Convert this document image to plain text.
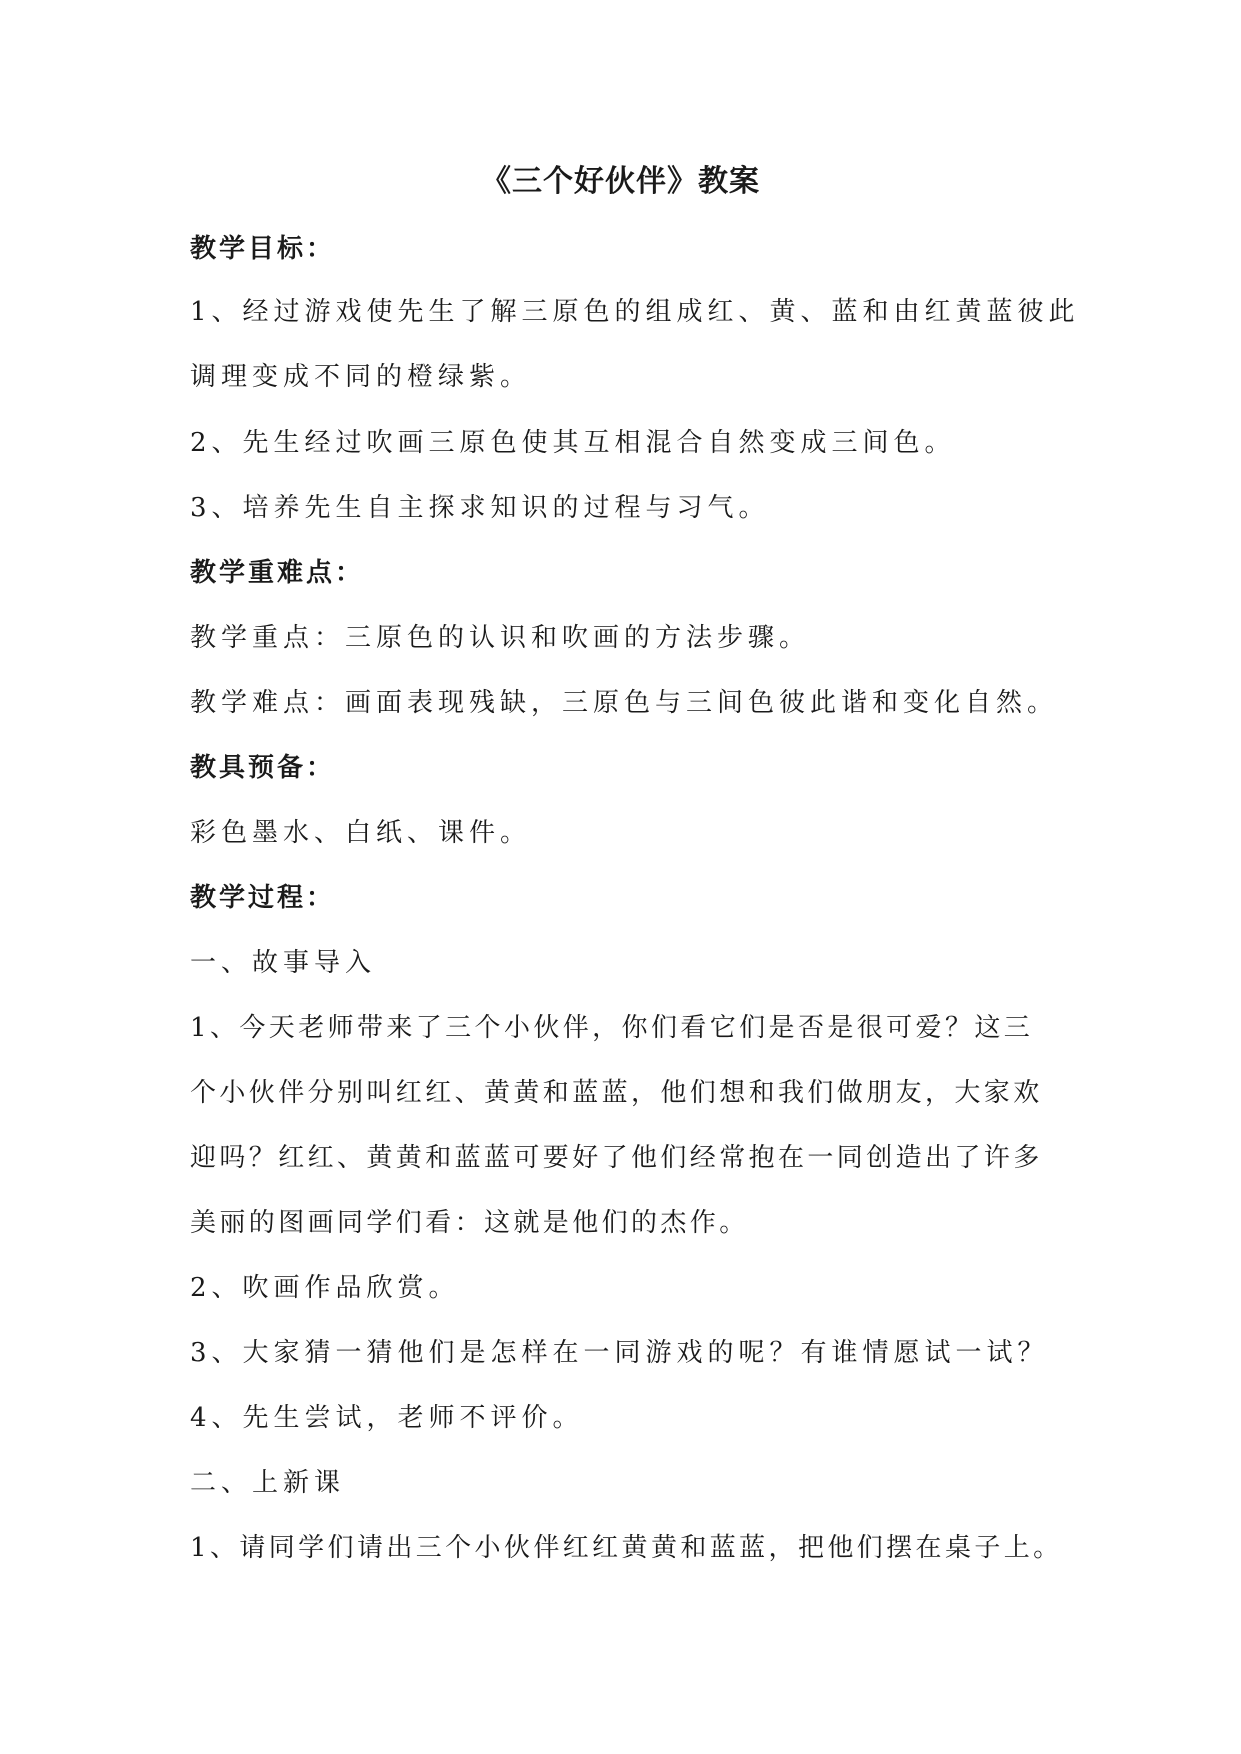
《三个好伙伴》教案
教学目标：
1、经过游戏使先生了解三原色的组成红、黄、蓝和由红黄蓝彼此
调理变成不同的橙绿紫。
2、先生经过吹画三原色使其互相混合自然变成三间色。
3、培养先生自主探求知识的过程与习气。
教学重难点：
教学重点：三原色的认识和吹画的方法步骤。
教学难点：画面表现残缺，三原色与三间色彼此谐和变化自然。
教具预备：
彩色墨水、白纸、课件。
教学过程：
一、故事导入
1、今天老师带来了三个小伙伴，你们看它们是否是很可爱？这三
个小伙伴分别叫红红、黄黄和蓝蓝，他们想和我们做朋友，大家欢
迎吗？红红、黄黄和蓝蓝可要好了他们经常抱在一同创造出了许多
美丽的图画同学们看：这就是他们的杰作。
2、吹画作品欣赏。
3、大家猜一猜他们是怎样在一同游戏的呢？有谁情愿试一试？
4、先生尝试，老师不评价。
二、上新课
1、请同学们请出三个小伙伴红红黄黄和蓝蓝，把他们摆在桌子上。
